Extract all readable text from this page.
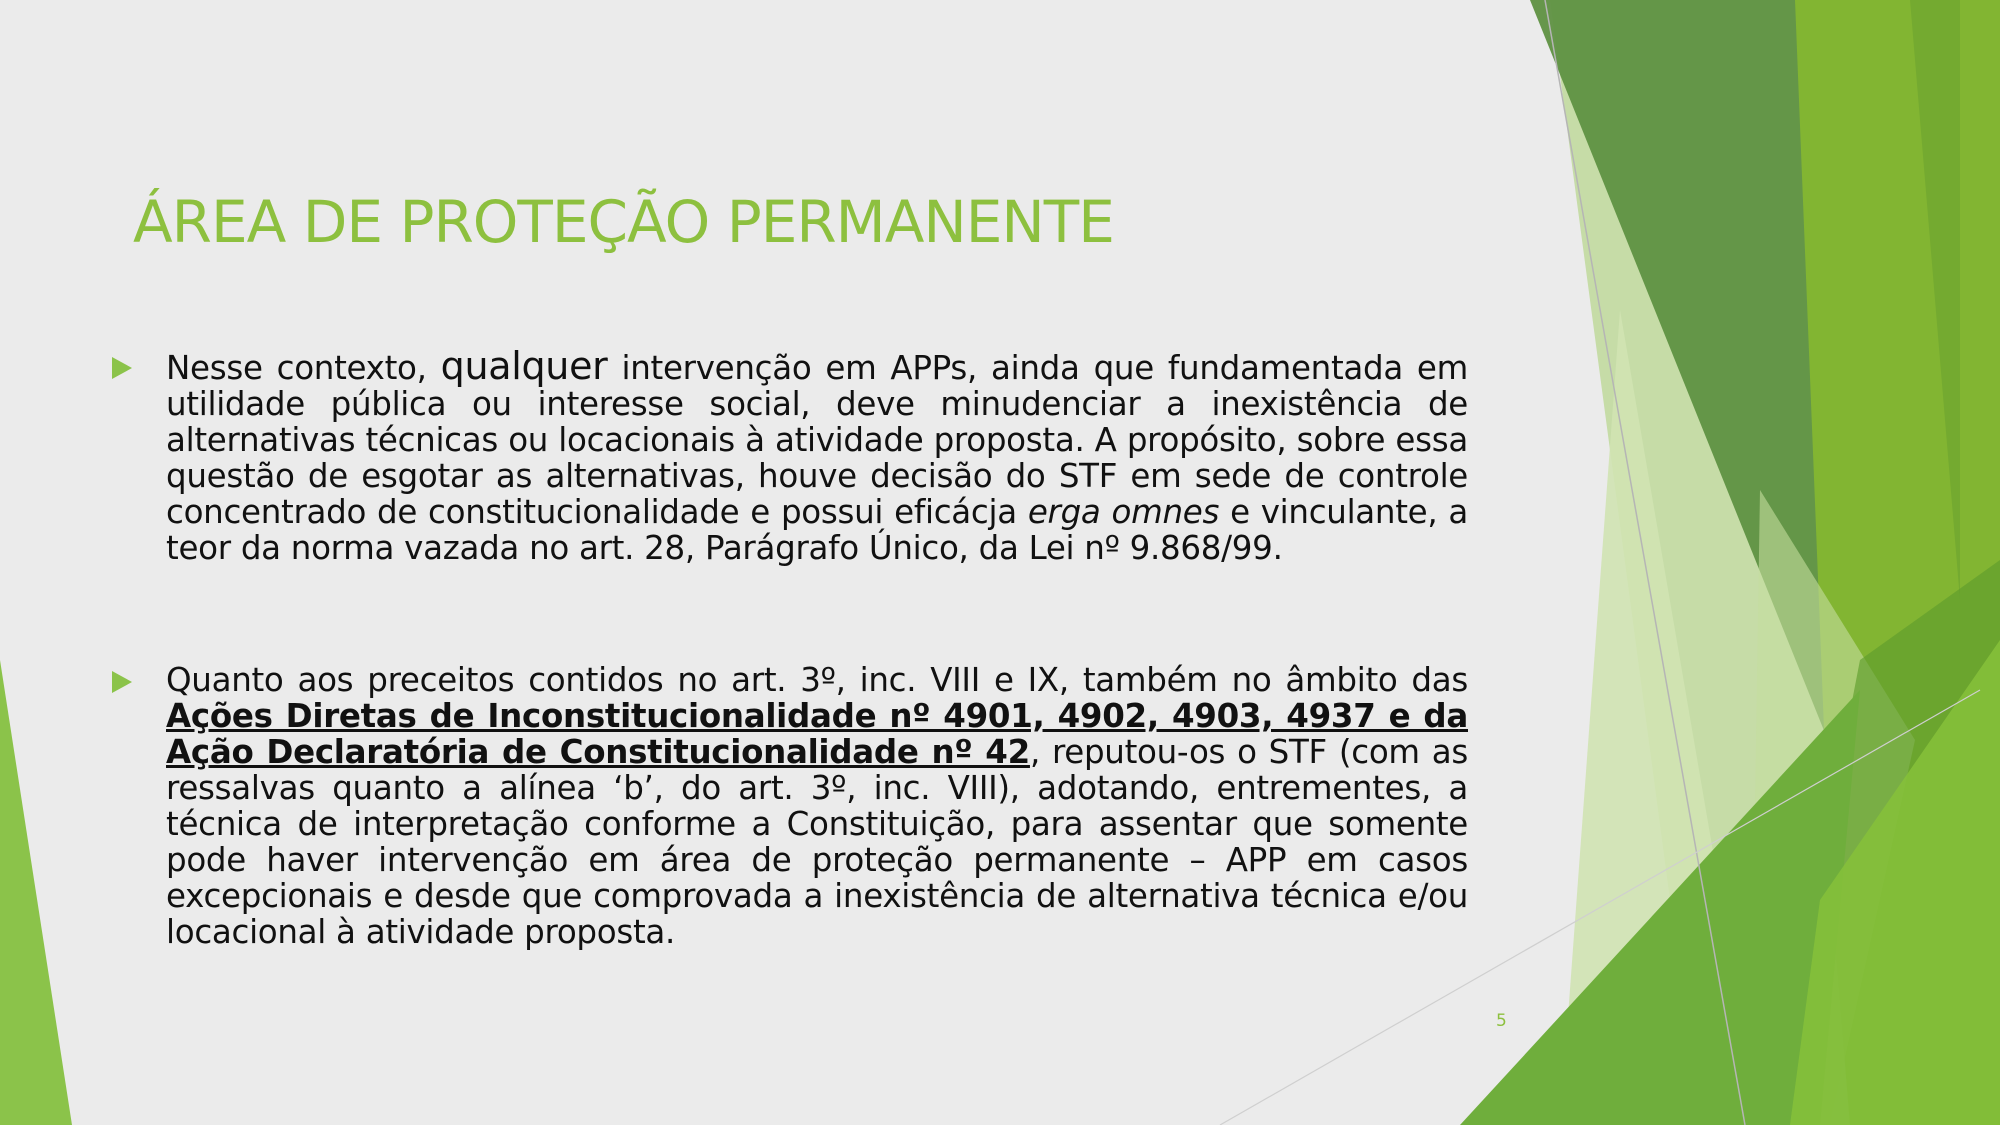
ÁREA DE PROTEÇÃO PERMANENTE

Nesse contexto, qualquer intervenção em APPs, ainda que fundamentada em utilidade pública ou interesse social, deve minudenciar a inexistência de alternativas técnicas ou locacionais à atividade proposta. A propósito, sobre essa questão de esgotar as alternativas, houve decisão do STF em sede de controle concentrado de constitucionalidade e possui eficácja erga omnes e vinculante, a teor da norma vazada no art. 28, Parágrafo Único, da Lei nº 9.868/99.

Quanto aos preceitos contidos no art. 3º, inc. VIII e IX, também no âmbito das Ações Diretas de Inconstitucionalidade nº 4901, 4902, 4903, 4937 e da Ação Declaratória de Constitucionalidade nº 42, reputou-os o STF (com as ressalvas quanto a alínea ‘b’, do art. 3º, inc. VIII), adotando, entrementes, a técnica de interpretação conforme a Constituição, para assentar que somente pode haver intervenção em área de proteção permanente – APP em casos excepcionais e desde que comprovada a inexistência de alternativa técnica e/ou locacional à atividade proposta.

5
